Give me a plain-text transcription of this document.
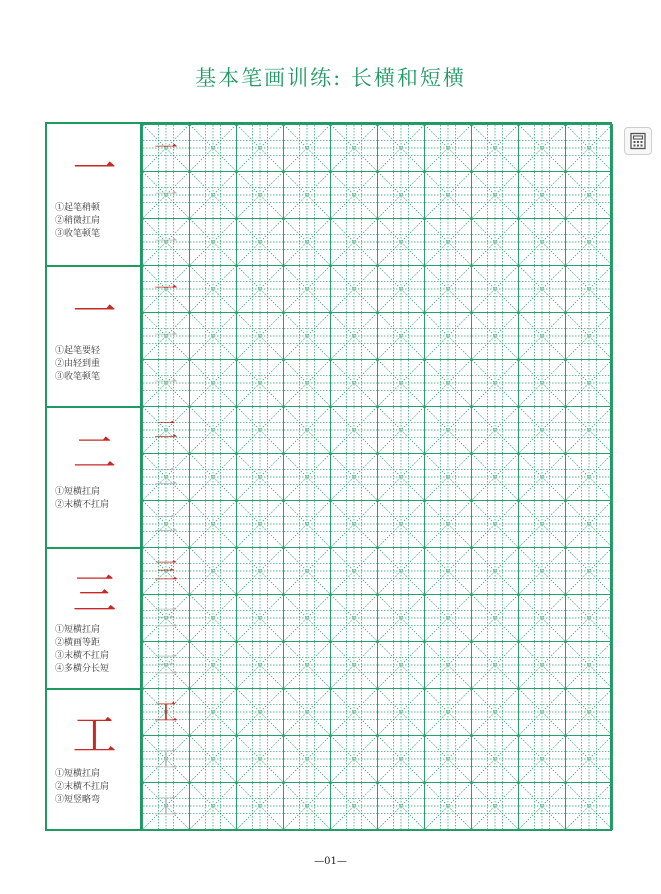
基本笔画训练: 长横和短横
一
①起笔稍顿
②稍微扛肩
③收笔顿笔
一
①起笔要轻
②由轻到重
③收笔顿笔
二
①短横扛肩
②末横不扛肩
三
①短横扛肩
②横画等距
③末横不扛肩
④多横分长短
工
①短横扛肩
②末横不扛肩
③短竖略弯
一
一
一
一
一
一
二
二
二
三
三
三
工
工
工
—01—
